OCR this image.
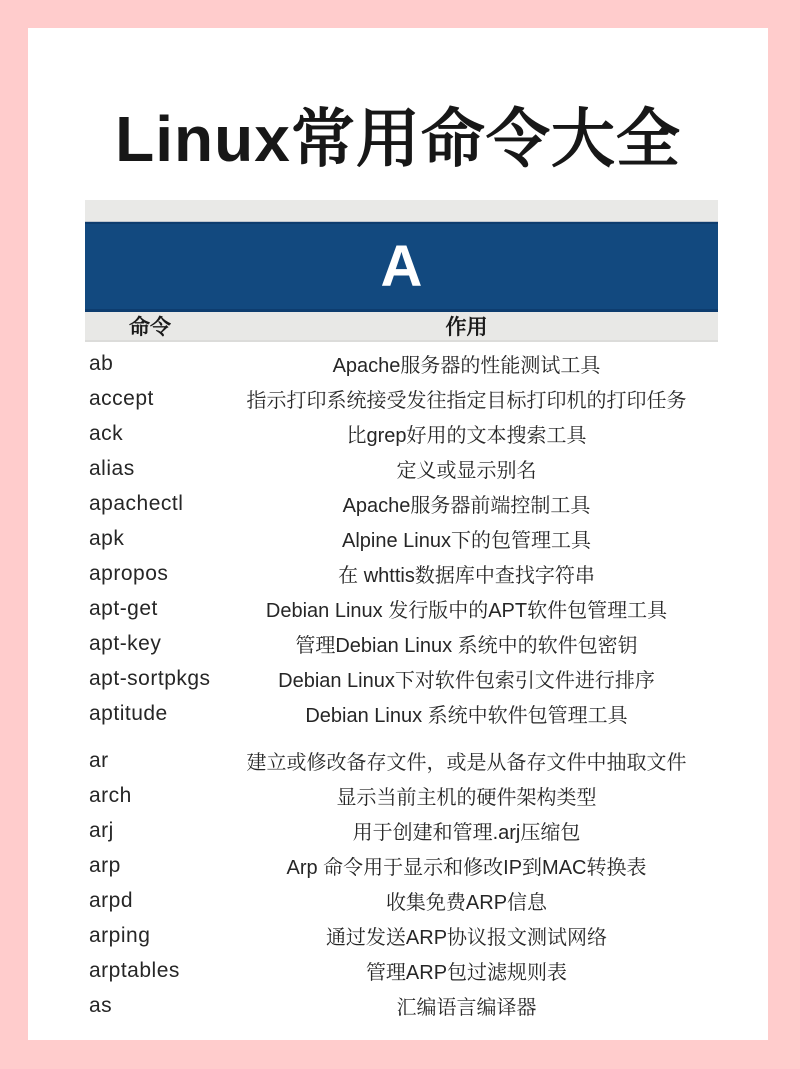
Linux常用命令大全
A
命令	作用
ab	Apache服务器的性能测试工具
accept	指示打印系统接受发往指定目标打印机的打印任务
ack	比grep好用的文本搜索工具
alias	定义或显示别名
apachectl	Apache服务器前端控制工具
apk	Alpine Linux下的包管理工具
apropos	在 whttis数据库中查找字符串
apt-get	Debian Linux 发行版中的APT软件包管理工具
apt-key	管理Debian Linux 系统中的软件包密钥
apt-sortpkgs	Debian Linux下对软件包索引文件进行排序
aptitude	Debian Linux 系统中软件包管理工具
ar	建立或修改备存文件，或是从备存文件中抽取文件
arch	显示当前主机的硬件架构类型
arj	用于创建和管理.arj压缩包
arp	Arp 命令用于显示和修改IP到MAC转换表
arpd	收集免费ARP信息
arping	通过发送ARP协议报文测试网络
arptables	管理ARP包过滤规则表
as	汇编语言编译器
